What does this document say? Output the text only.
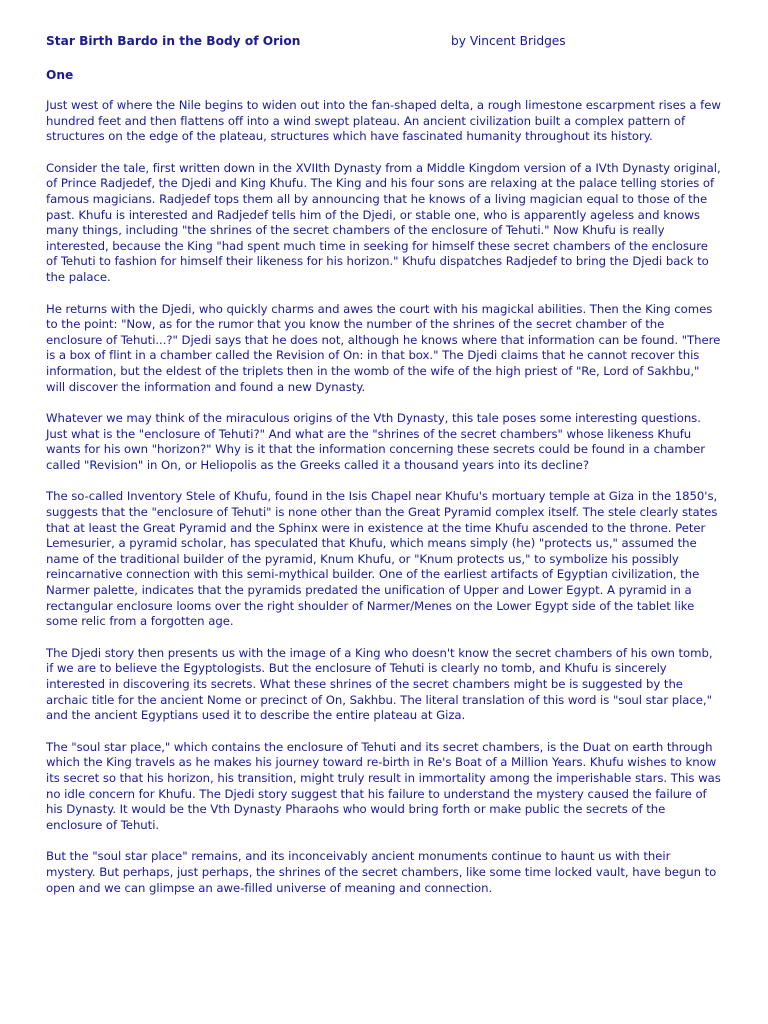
Star Birth Bardo in the Body of Orion	by Vincent Bridges
One

Just west of where the Nile begins to widen out into the fan-shaped delta, a rough limestone escarpment rises a few hundred feet and then flattens off into a wind swept plateau. An ancient civilization built a complex pattern of structures on the edge of the plateau, structures which have fascinated humanity throughout its history.

Consider the tale, first written down in the XVIIth Dynasty from a Middle Kingdom version of a IVth Dynasty original, of Prince Radjedef, the Djedi and King Khufu. The King and his four sons are relaxing at the palace telling stories of famous magicians. Radjedef tops them all by announcing that he knows of a living magician equal to those of the past. Khufu is interested and Radjedef tells him of the Djedi, or stable one, who is apparently ageless and knows many things, including "the shrines of the secret chambers of the enclosure of Tehuti." Now Khufu is really interested, because the King "had spent much time in seeking for himself these secret chambers of the enclosure of Tehuti to fashion for himself their likeness for his horizon." Khufu dispatches Radjedef to bring the Djedi back to the palace.

He returns with the Djedi, who quickly charms and awes the court with his magickal abilities. Then the King comes to the point: "Now, as for the rumor that you know the number of the shrines of the secret chamber of the enclosure of Tehuti...?" Djedi says that he does not, although he knows where that information can be found. "There is a box of flint in a chamber called the Revision of On: in that box." The Djedi claims that he cannot recover this information, but the eldest of the triplets then in the womb of the wife of the high priest of "Re, Lord of Sakhbu," will discover the information and found a new Dynasty.

Whatever we may think of the miraculous origins of the Vth Dynasty, this tale poses some interesting questions. Just what is the "enclosure of Tehuti?" And what are the "shrines of the secret chambers" whose likeness Khufu wants for his own "horizon?" Why is it that the information concerning these secrets could be found in a chamber called "Revision" in On, or Heliopolis as the Greeks called it a thousand years into its decline?

The so-called Inventory Stele of Khufu, found in the Isis Chapel near Khufu's mortuary temple at Giza in the 1850's, suggests that the "enclosure of Tehuti" is none other than the Great Pyramid complex itself. The stele clearly states that at least the Great Pyramid and the Sphinx were in existence at the time Khufu ascended to the throne. Peter Lemesurier, a pyramid scholar, has speculated that Khufu, which means simply (he) "protects us," assumed the name of the traditional builder of the pyramid, Knum Khufu, or "Knum protects us," to symbolize his possibly reincarnative connection with this semi-mythical builder. One of the earliest artifacts of Egyptian civilization, the Narmer palette, indicates that the pyramids predated the unification of Upper and Lower Egypt. A pyramid in a rectangular enclosure looms over the right shoulder of Narmer/Menes on the Lower Egypt side of the tablet like some relic from a forgotten age.

The Djedi story then presents us with the image of a King who doesn't know the secret chambers of his own tomb, if we are to believe the Egyptologists. But the enclosure of Tehuti is clearly no tomb, and Khufu is sincerely interested in discovering its secrets. What these shrines of the secret chambers might be is suggested by the archaic title for the ancient Nome or precinct of On, Sakhbu. The literal translation of this word is "soul star place," and the ancient Egyptians used it to describe the entire plateau at Giza.

The "soul star place," which contains the enclosure of Tehuti and its secret chambers, is the Duat on earth through which the King travels as he makes his journey toward re-birth in Re's Boat of a Million Years. Khufu wishes to know its secret so that his horizon, his transition, might truly result in immortality among the imperishable stars. This was no idle concern for Khufu. The Djedi story suggest that his failure to understand the mystery caused the failure of his Dynasty. It would be the Vth Dynasty Pharaohs who would bring forth or make public the secrets of the enclosure of Tehuti.

But the "soul star place" remains, and its inconceivably ancient monuments continue to haunt us with their mystery. But perhaps, just perhaps, the shrines of the secret chambers, like some time locked vault, have begun to open and we can glimpse an awe-filled universe of meaning and connection.
